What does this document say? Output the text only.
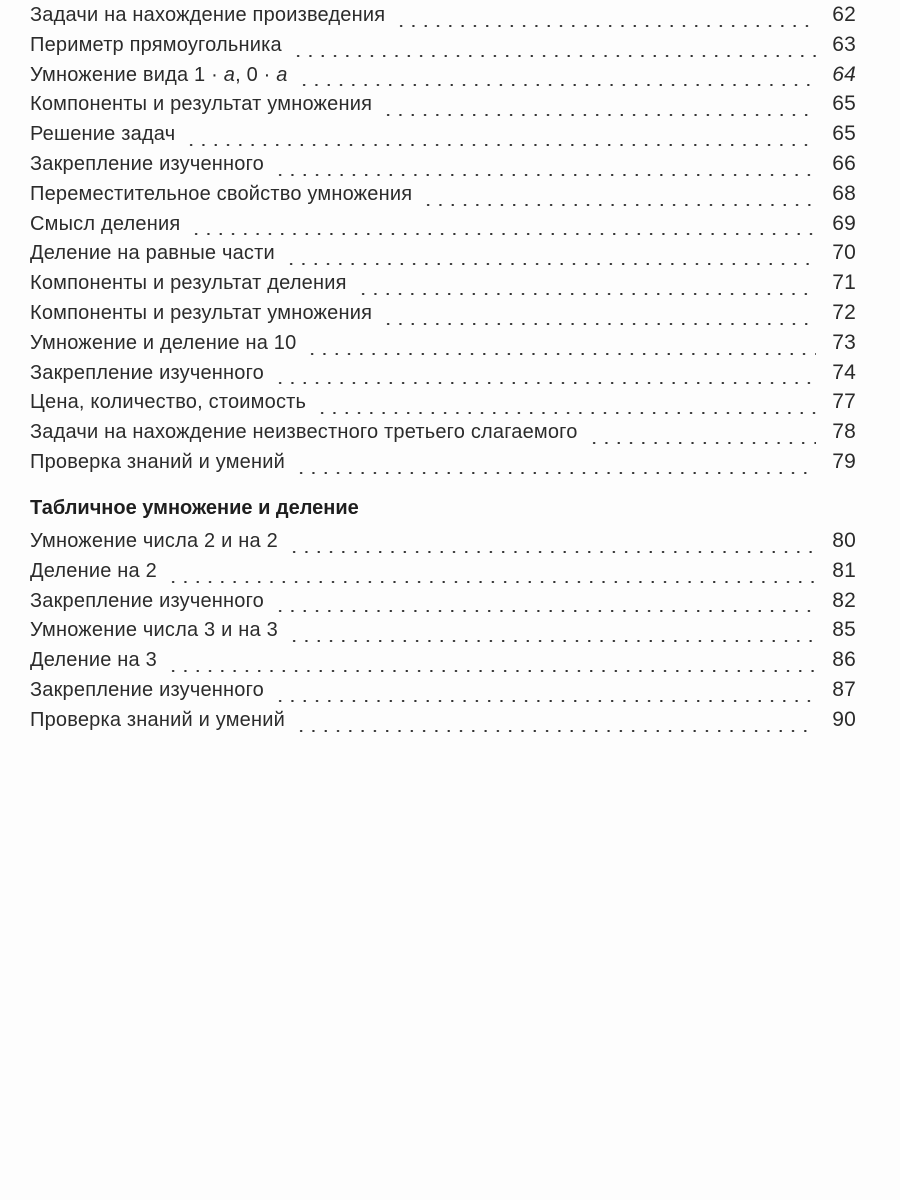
Задачи на нахождение произведения	62
Периметр прямоугольника	63
Умножение вида 1 · a, 0 · a	64
Компоненты и результат умножения	65
Решение задач	65
Закрепление изученного	66
Переместительное свойство умножения	68
Смысл деления	69
Деление на равные части	70
Компоненты и результат деления	71
Компоненты и результат умножения	72
Умножение и деление на 10	73
Закрепление изученного	74
Цена, количество, стоимость	77
Задачи на нахождение неизвестного третьего слагаемого	78
Проверка знаний и умений	79
Табличное умножение и деление
Умножение числа 2 и на 2	80
Деление на 2	81
Закрепление изученного	82
Умножение числа 3 и на 3	85
Деление на 3	86
Закрепление изученного	87
Проверка знаний и умений	90
